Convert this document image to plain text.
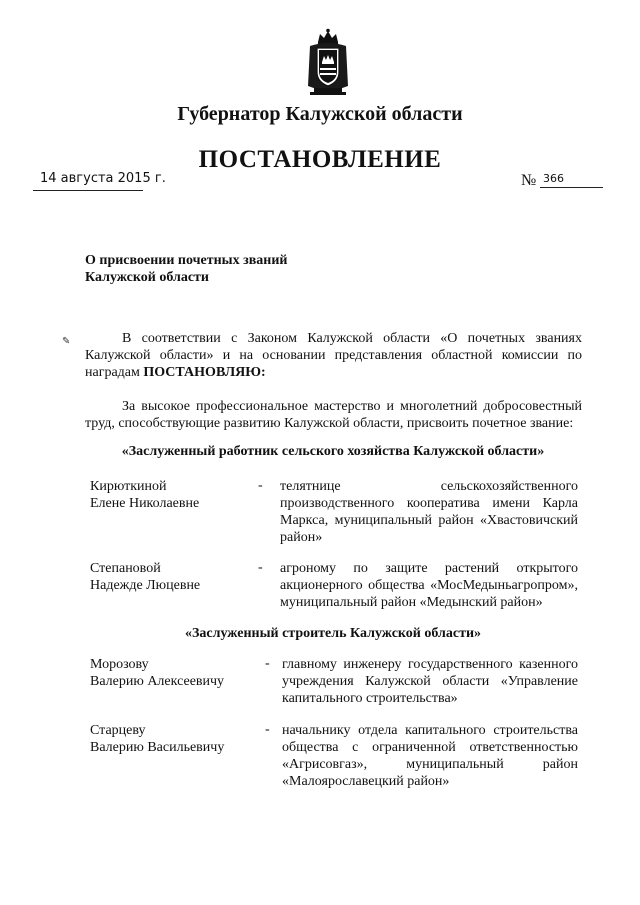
Губернатор Калужской области
ПОСТАНОВЛЕНИЕ
14 августа 2015 г.	№ 366
О присвоении почетных званий
Калужской области
✎	В соответствии с Законом Калужской области «О почетных званиях Калужской области» и на основании представления областной комиссии по наградам ПОСТАНОВЛЯЮ:
За высокое профессиональное мастерство и многолетний добросовестный труд, способствующие развитию Калужской области, присвоить почетное звание:
«Заслуженный работник сельского хозяйства Калужской области»
Кирюткиной
Елене Николаевне
- телятнице сельскохозяйственного производственного кооператива имени Карла Маркса, муниципальный район «Хвастовичский район»
Степановой
Надежде Люцевне
- агроному по защите растений открытого акционерного общества «МосМедыньагропром», муниципальный район «Медынский район»
«Заслуженный строитель Калужской области»
Морозову
Валерию Алексеевичу
- главному инженеру государственного казенного учреждения Калужской области «Управление капитального строительства»
Старцеву
Валерию Васильевичу
- начальнику отдела капитального строительства общества с ограниченной ответственностью «Агрисовгаз», муниципальный район «Малоярославецкий район»
